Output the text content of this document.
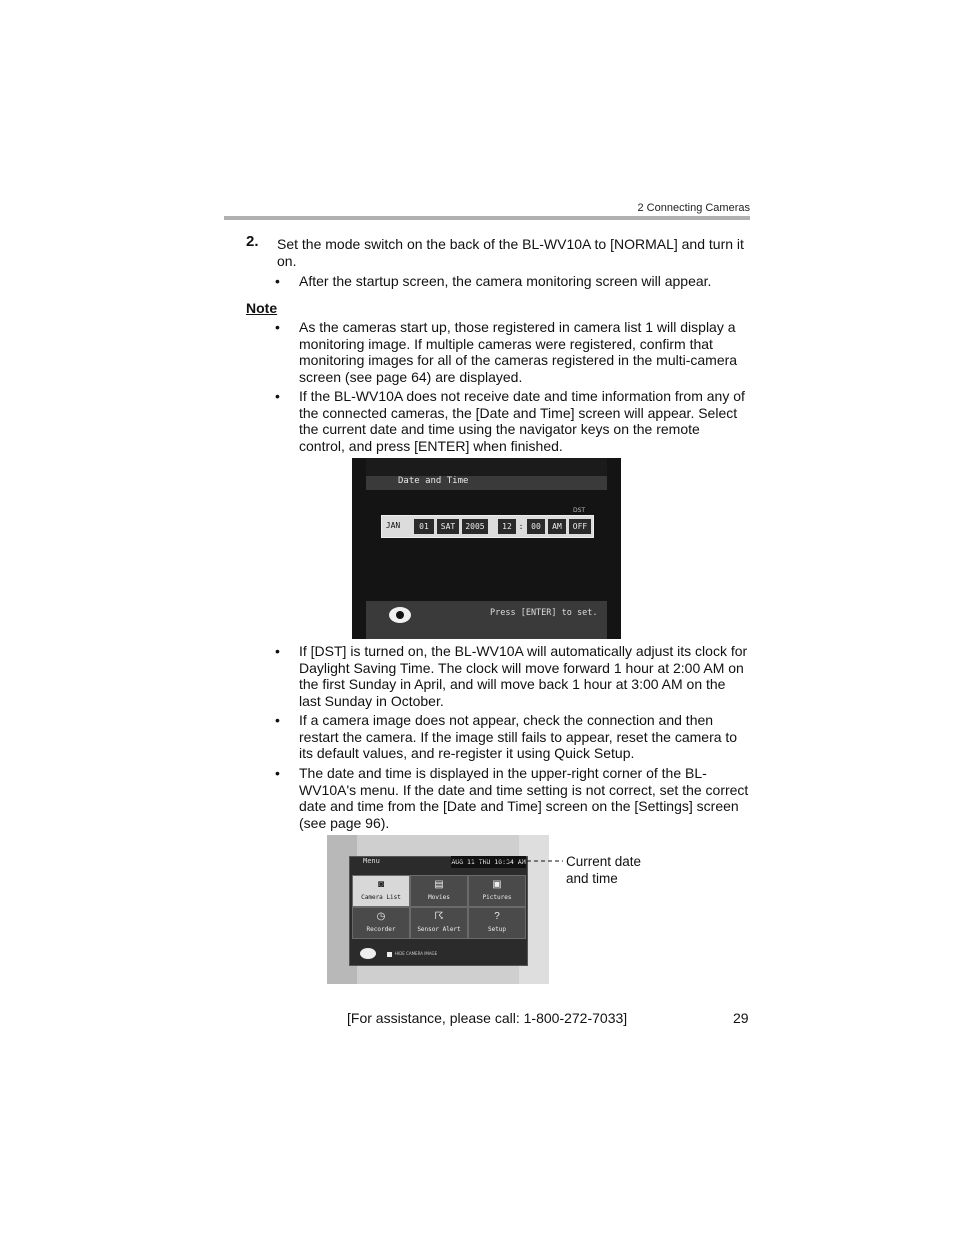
2 Connecting Cameras
2. Set the mode switch on the back of the BL-WV10A to [NORMAL] and turn it on.
• After the startup screen, the camera monitoring screen will appear.
Note
• As the cameras start up, those registered in camera list 1 will display a monitoring image. If multiple cameras were registered, confirm that monitoring images for all of the cameras registered in the multi-camera screen (see page 64) are displayed.
• If the BL-WV10A does not receive date and time information from any of the connected cameras, the [Date and Time] screen will appear. Select the current date and time using the navigator keys on the remote control, and press [ENTER] when finished.
Date and Time
DST
JAN	01	SAT	2005	12 : 00	AM	OFF
Press [ENTER] to set.
• If [DST] is turned on, the BL-WV10A will automatically adjust its clock for Daylight Saving Time. The clock will move forward 1 hour at 2:00 AM on the first Sunday in April, and will move back 1 hour at 3:00 AM on the last Sunday in October.
• If a camera image does not appear, check the connection and then restart the camera. If the image still fails to appear, reset the camera to its default values, and re-register it using Quick Setup.
• The date and time is displayed in the upper-right corner of the BL-WV10A's menu. If the date and time setting is not correct, set the correct date and time from the [Date and Time] screen on the [Settings] screen (see page 96).
Menu	AUG 11 THU 10:34 AM
◙
Camera List
▤
Movies
▣
Pictures
◷
Recorder
☈
Sensor Alert
?
Setup
HIDE CAMERA IMAGE
Current date
and time
[For assistance, please call: 1-800-272-7033]	29
